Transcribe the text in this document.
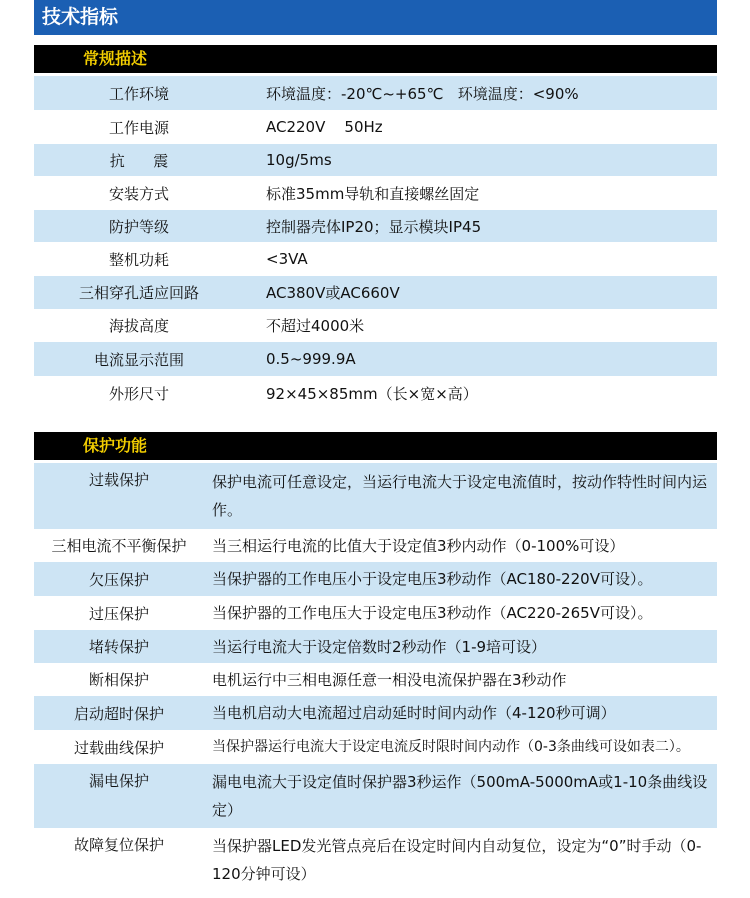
技术指标
常规描述
工作环境	环境温度：-20℃~+65℃   环境温度：<90%
工作电源	AC220V    50Hz
抗      震	10g/5ms
安装方式	标准35mm导轨和直接螺丝固定
防护等级	控制器壳体IP20；显示模块IP45
整机功耗	<3VA
三相穿孔适应回路	AC380V或AC660V
海拔高度	不超过4000米
电流显示范围	0.5~999.9A
外形尺寸	92×45×85mm（长×宽×高）
保护功能
过载保护	保护电流可任意设定，当运行电流大于设定电流值时，按动作特性时间内运作。
三相电流不平衡保护	当三相运行电流的比值大于设定值3秒内动作（0-100%可设）
欠压保护	当保护器的工作电压小于设定电压3秒动作（AC180-220V可设）。
过压保护	当保护器的工作电压大于设定电压3秒动作（AC220-265V可设）。
堵转保护	当运行电流大于设定倍数时2秒动作（1-9培可设）
断相保护	电机运行中三相电源任意一相没电流保护器在3秒动作
启动超时保护	当电机启动大电流超过启动延时时间内动作（4-120秒可调）
过载曲线保护	当保护器运行电流大于设定电流反时限时间内动作（0-3条曲线可设如表二）。
漏电保护	漏电电流大于设定值时保护器3秒运作（500mA-5000mA或1-10条曲线设定）
故障复位保护	当保护器LED发光管点亮后在设定时间内自动复位，设定为“0”时手动（0-120分钟可设）
